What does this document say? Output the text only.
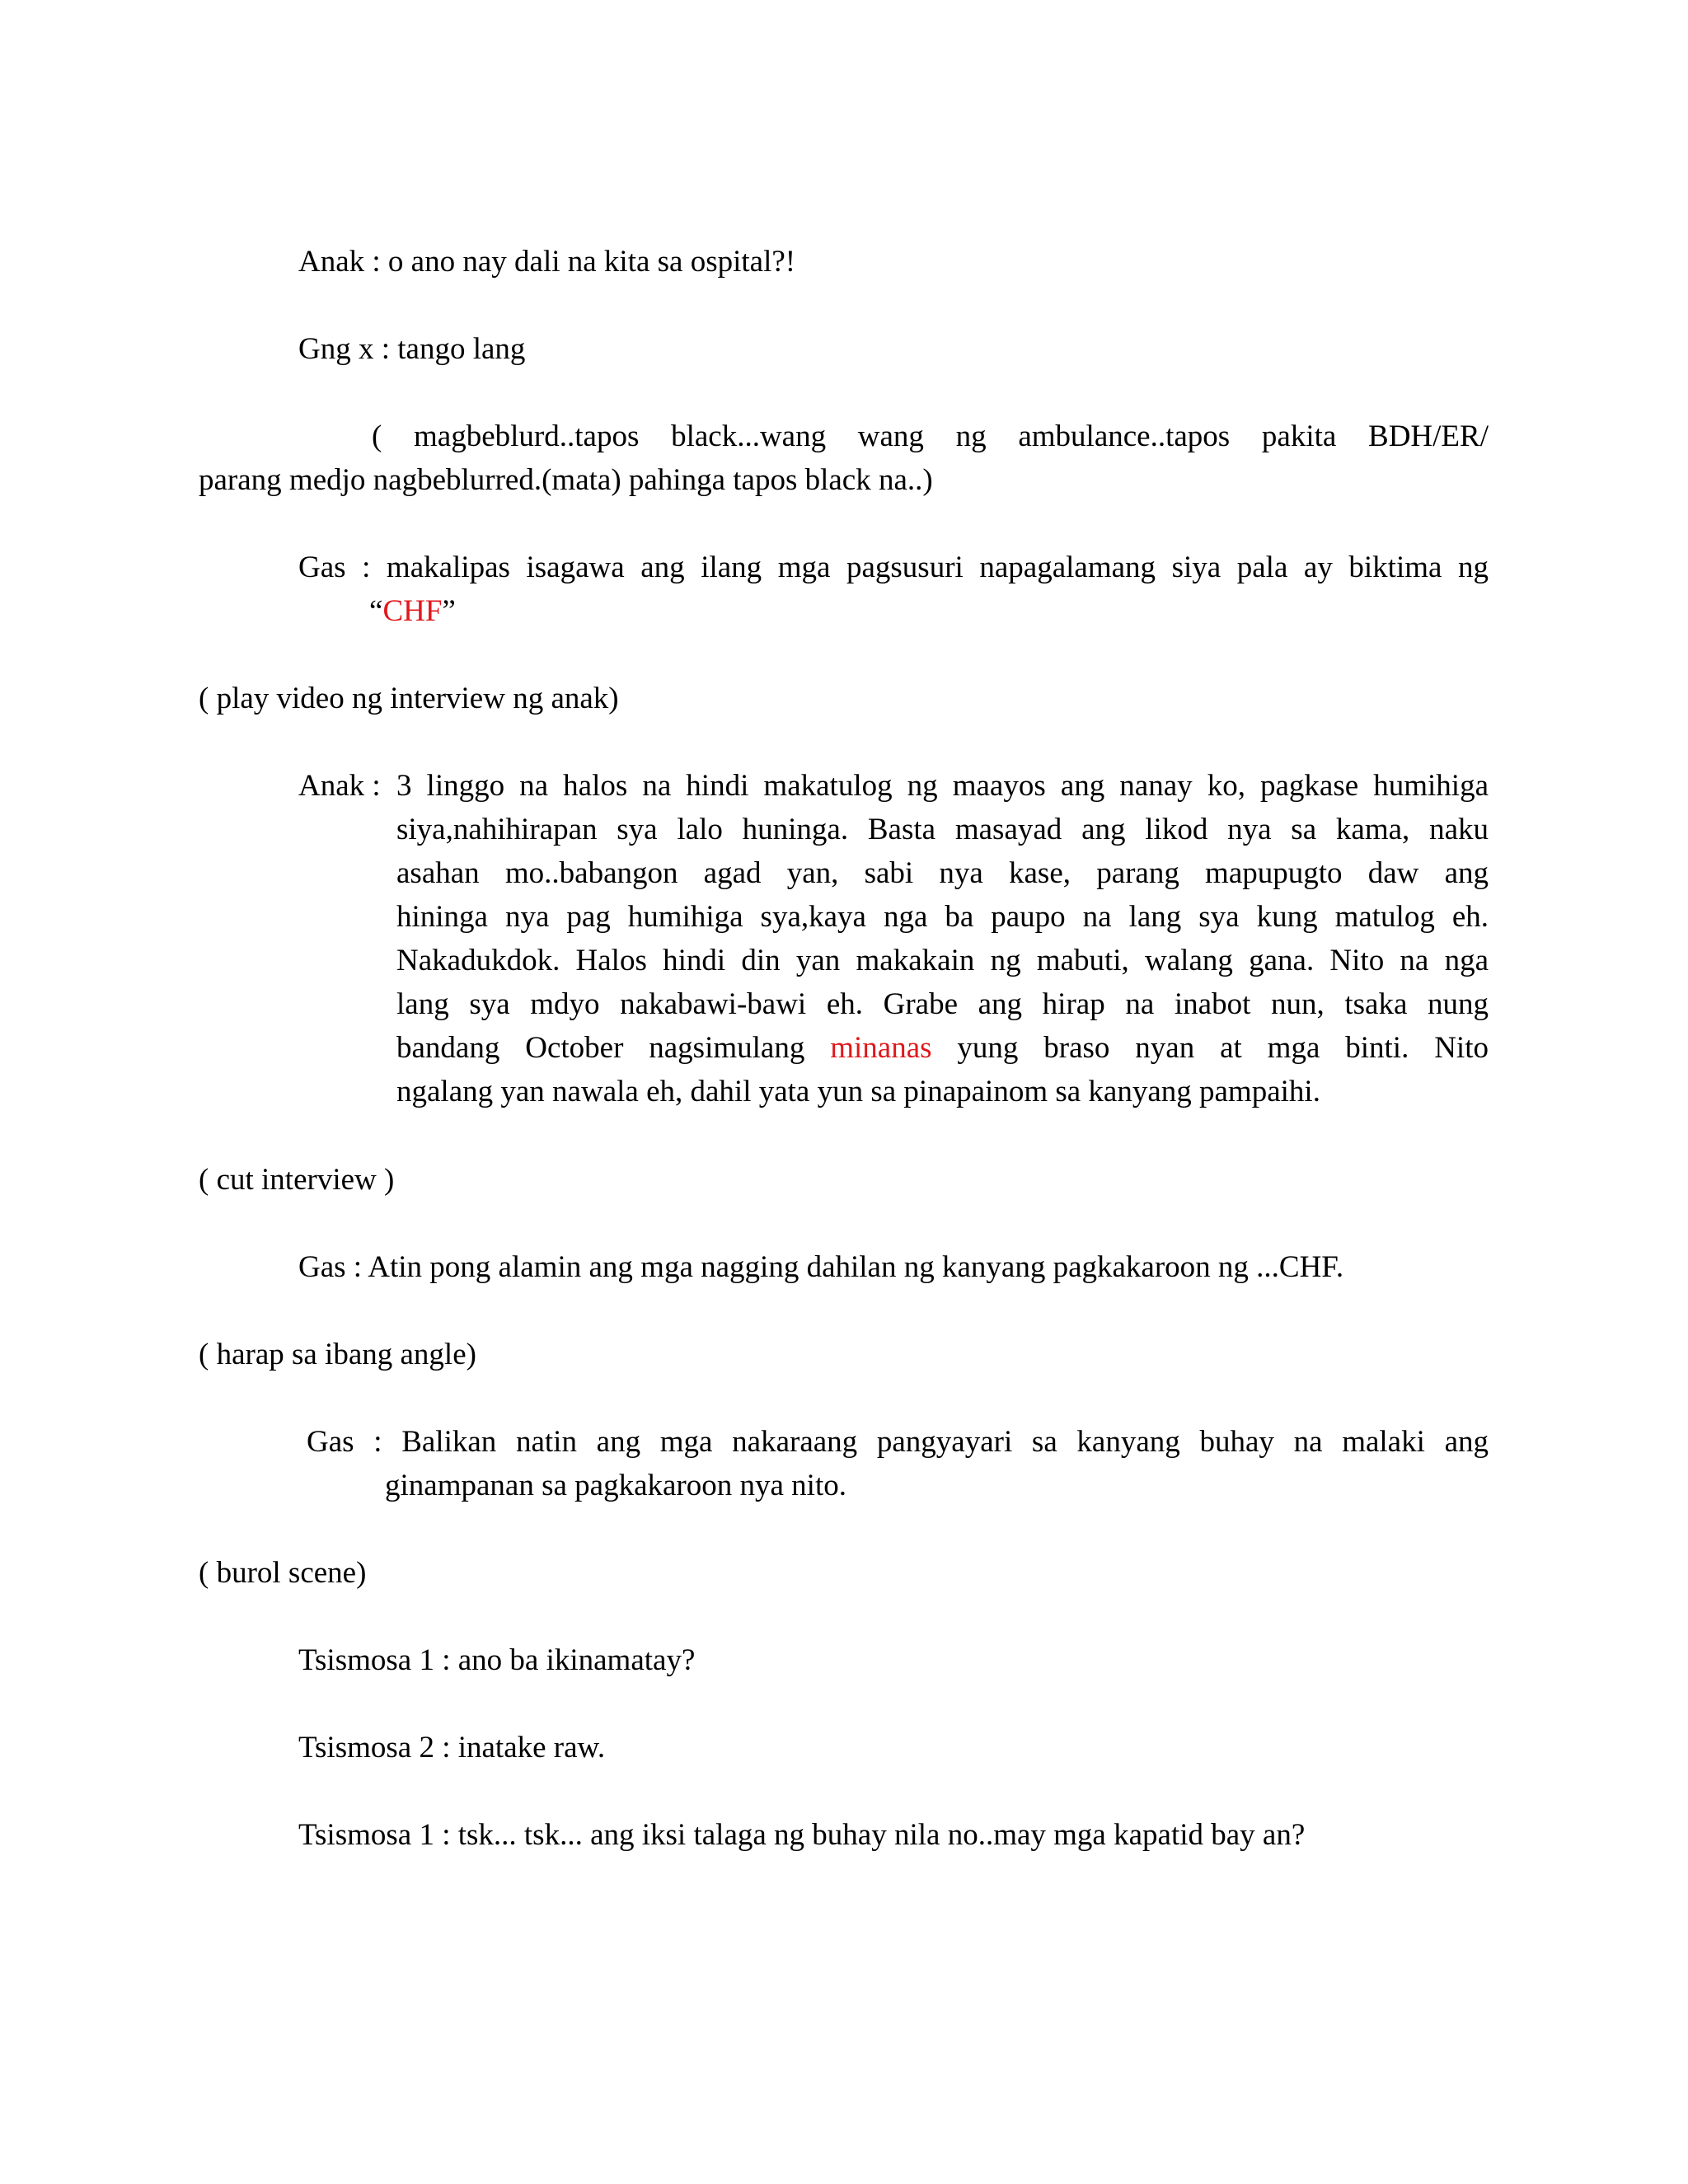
Anak : o ano nay dali na kita sa ospital?!
Gng x : tango lang
( magbeblurd..tapos black...wang wang ng ambulance..tapos pakita BDH/ER/
parang medjo nagbeblurred.(mata) pahinga tapos black na..)
Gas : makalipas isagawa ang ilang mga pagsusuri napagalamang siya pala ay biktima ng
“CHF”
( play video ng interview ng anak)
Anak : 3 linggo na halos na hindi makatulog ng maayos ang nanay ko, pagkase humihiga
siya,nahihirapan sya lalo huninga. Basta masayad ang likod nya sa kama, naku
asahan mo..babangon agad yan, sabi nya kase, parang mapupugto daw ang
hininga nya pag humihiga sya,kaya nga ba paupo na lang sya kung matulog eh.
Nakadukdok. Halos hindi din yan makakain ng mabuti, walang gana. Nito na nga
lang sya mdyo nakabawi-bawi eh. Grabe ang hirap na inabot nun, tsaka nung
bandang October nagsimulang minanas yung braso nyan at mga binti. Nito
ngalang yan nawala eh, dahil yata yun sa pinapainom sa kanyang pampaihi.
( cut interview )
Gas : Atin pong alamin ang mga nagging dahilan ng kanyang pagkakaroon ng ...CHF.
( harap sa ibang angle)
Gas : Balikan natin ang mga nakaraang pangyayari sa kanyang buhay na malaki ang
ginampanan sa pagkakaroon nya nito.
( burol scene)
Tsismosa 1 : ano ba ikinamatay?
Tsismosa 2 : inatake raw.
Tsismosa 1 : tsk... tsk... ang iksi talaga ng buhay nila no..may mga kapatid bay an?
